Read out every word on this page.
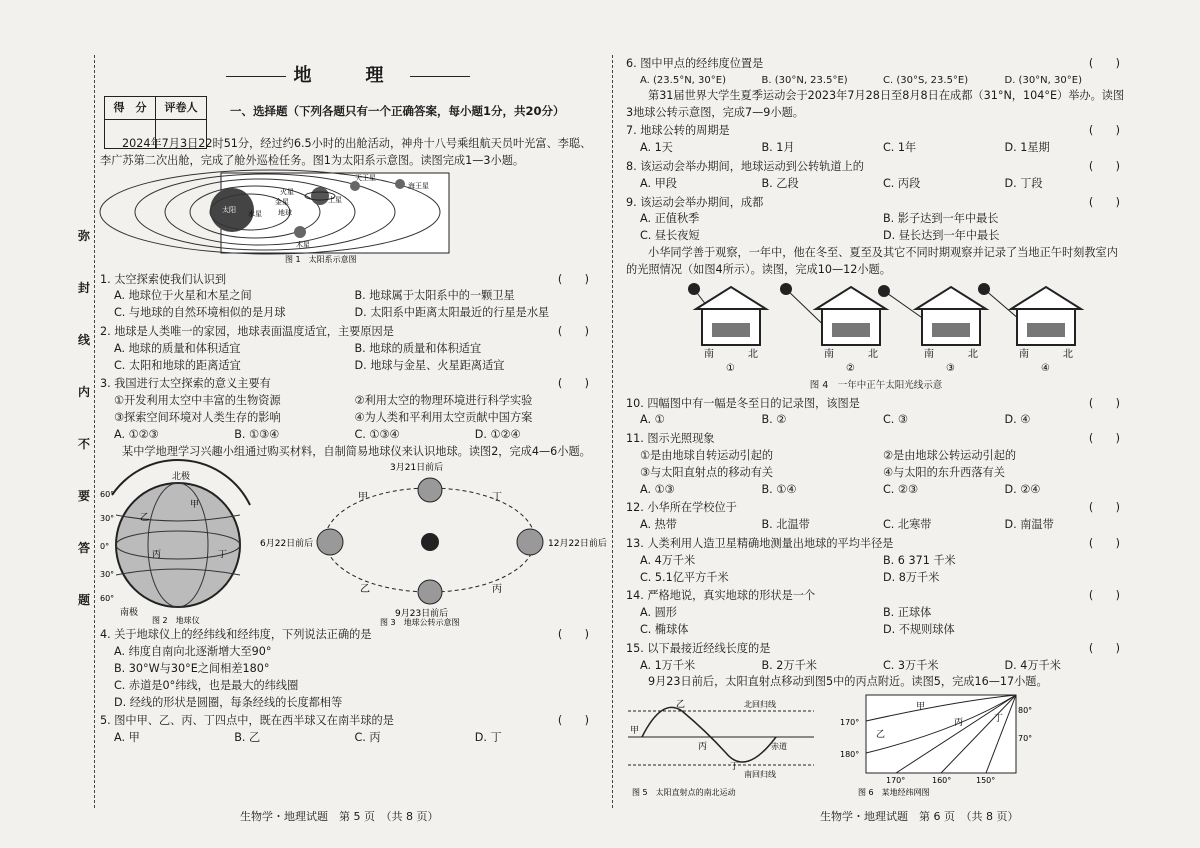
弥
封
线
内
不
要
答
题
地　理
得　分	评卷人
		一、选择题（下列各题只有一个正确答案，每小题1分，共20分）

2024年7月3日22时51分，经过约6.5小时的出舱活动，神舟十八号乘组航天员叶光富、李聪、李广苏第二次出舱，完成了舱外巡检任务。图1为太阳系示意图。读图完成1—3小题。

天王星
海王星
土星
火星
金星
地球
水星
木星
太阳
图 1　太阳系示意图

1. 太空探索使我们认识到	(　　)

A. 地球位于火星和木星之间	B. 地球属于太阳系中的一颗卫星
C. 与地球的自然环境相似的是月球	D. 太阳系中距离太阳最近的行星是水星

2. 地球是人类唯一的家园，地球表面温度适宜，主要原因是	(　　)

A. 地球的质量和体积适宜	B. 地球的质量和体积适宜
C. 太阳和地球的距离适宜	D. 地球与金星、火星距离适宜

3. 我国进行太空探索的意义主要有	(　　)

①开发利用太空中丰富的生物资源	②利用太空的物理环境进行科学实验
③探索空间环境对人类生存的影响	④为人类和平利用太空贡献中国方案
A. ①②③	B. ①③④	C. ①③④	D. ①②④

某中学地理学习兴趣小组通过购买材料，自制简易地球仪来认识地球。读图2，完成4—6小题。

北极
南极
甲
乙
丙	丁
60°
30°
0°
30°
60°
图 2　地球仪
3月21日前后
6月22日前后
9月23日前后
12月22日前后
甲
乙	丙
丁
图 3　地球公转示意图

4. 关于地球仪上的经纬线和经纬度，下列说法正确的是	(　　)

A. 纬度自南向北逐渐增大至90°

B. 30°W与30°E之间相差180°

C. 赤道是0°纬线，也是最大的纬线圈

D. 经线的形状是圆圈，每条经线的长度都相等

5. 图中甲、乙、丙、丁四点中，既在西半球又在南半球的是	(　　)

A. 甲	B. 乙	C. 丙	D. 丁
生物学・地理试题　第 5 页　（共 8 页）

6. 图中甲点的经纬度位置是	(　　)

A. (23.5°N, 30°E)	B. (30°N, 23.5°E)	C. (30°S, 23.5°E)	D. (30°N, 30°E)

第31届世界大学生夏季运动会于2023年7月28日至8月8日在成都（31°N，104°E）举办。读图3地球公转示意图，完成7—9小题。

7. 地球公转的周期是	(　　)

A. 1天	B. 1月	C. 1年	D. 1星期

8. 该运动会举办期间，地球运动到公转轨道上的	(　　)

A. 甲段	B. 乙段	C. 丙段	D. 丁段

9. 该运动会举办期间，成都	(　　)

A. 正值秋季	B. 影子达到一年中最长
C. 昼长夜短	D. 昼长达到一年中最长

小华同学善于观察，一年中，他在冬至、夏至及其它不同时期观察并记录了当地正午时刻教室内的光照情况（如图4所示）。读图，完成10—12小题。

南	北
①
南	北
②
南	北
③
南	北
④

图 4　一年中正午太阳光线示意

10. 四幅图中有一幅是冬至日的记录图，该图是	(　　)

A. ①	B. ②	C. ③	D. ④

11. 图示光照现象	(　　)

①是由地球自转运动引起的	②是由地球公转运动引起的
③与太阳直射点的移动有关	④与太阳的东升西落有关
A. ①③	B. ①④	C. ②③	D. ②④

12. 小华所在学校位于	(　　)

A. 热带	B. 北温带	C. 北寒带	D. 南温带

13. 人类利用人造卫星精确地测量出地球的平均半径是	(　　)

A. 4万千米	B. 6 371 千米
C. 5.1亿平方千米	D. 8万千米

14. 严格地说，真实地球的形状是一个	(　　)

A. 圆形	B. 正球体
C. 椭球体	D. 不规则球体

15. 以下最接近经线长度的是	(　　)

A. 1万千米	B. 2万千米	C. 3万千米	D. 4万千米

9月23日前后，太阳直射点移动到图5中的丙点附近。读图5，完成16—17小题。

北回归线
赤道
南回归线
甲
乙
丙
丁
图 5　太阳直射点的南北运动
80°
70°
170°
180°
170°	160°	150°
甲
乙
丙	丁
图 6　某地经纬网图
生物学・地理试题　第 6 页　（共 8 页）
